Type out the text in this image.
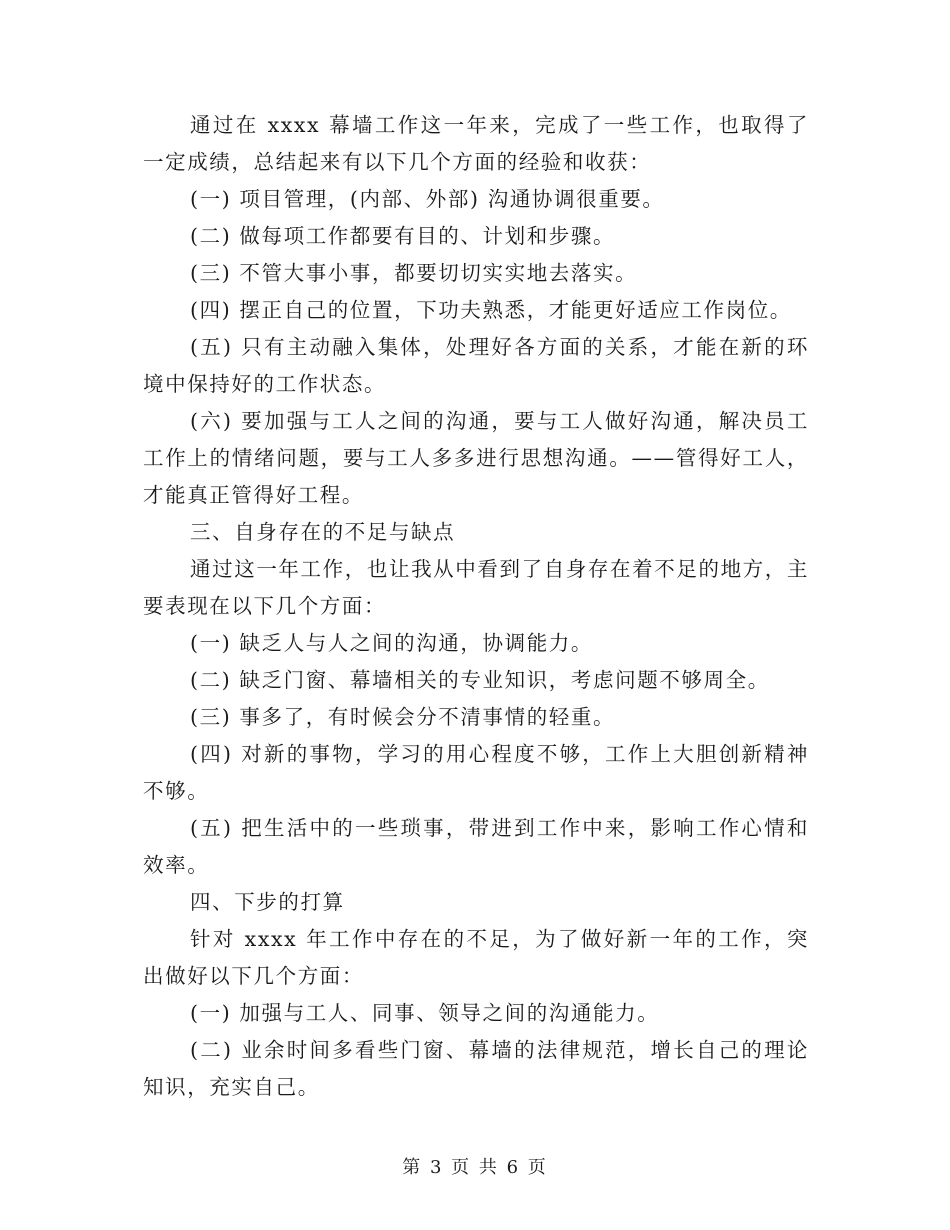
通过在 xxxx 幕墙工作这一年来，完成了一些工作，也取得了一定成绩，总结起来有以下几个方面的经验和收获：

(一) 项目管理，(内部、外部) 沟通协调很重要。

(二) 做每项工作都要有目的、计划和步骤。

(三) 不管大事小事，都要切切实实地去落实。

(四) 摆正自己的位置，下功夫熟悉，才能更好适应工作岗位。

(五) 只有主动融入集体，处理好各方面的关系，才能在新的环境中保持好的工作状态。

(六) 要加强与工人之间的沟通，要与工人做好沟通，解决员工工作上的情绪问题，要与工人多多进行思想沟通。——管得好工人，才能真正管得好工程。

三、自身存在的不足与缺点

通过这一年工作，也让我从中看到了自身存在着不足的地方，主要表现在以下几个方面：

(一) 缺乏人与人之间的沟通，协调能力。

(二) 缺乏门窗、幕墙相关的专业知识，考虑问题不够周全。

(三) 事多了，有时候会分不清事情的轻重。

(四) 对新的事物，学习的用心程度不够，工作上大胆创新精神不够。

(五) 把生活中的一些琐事，带进到工作中来，影响工作心情和效率。

四、下步的打算

针对 xxxx 年工作中存在的不足，为了做好新一年的工作，突出做好以下几个方面：

(一) 加强与工人、同事、领导之间的沟通能力。

(二) 业余时间多看些门窗、幕墙的法律规范，增长自己的理论知识，充实自己。

第 3 页 共 6 页
